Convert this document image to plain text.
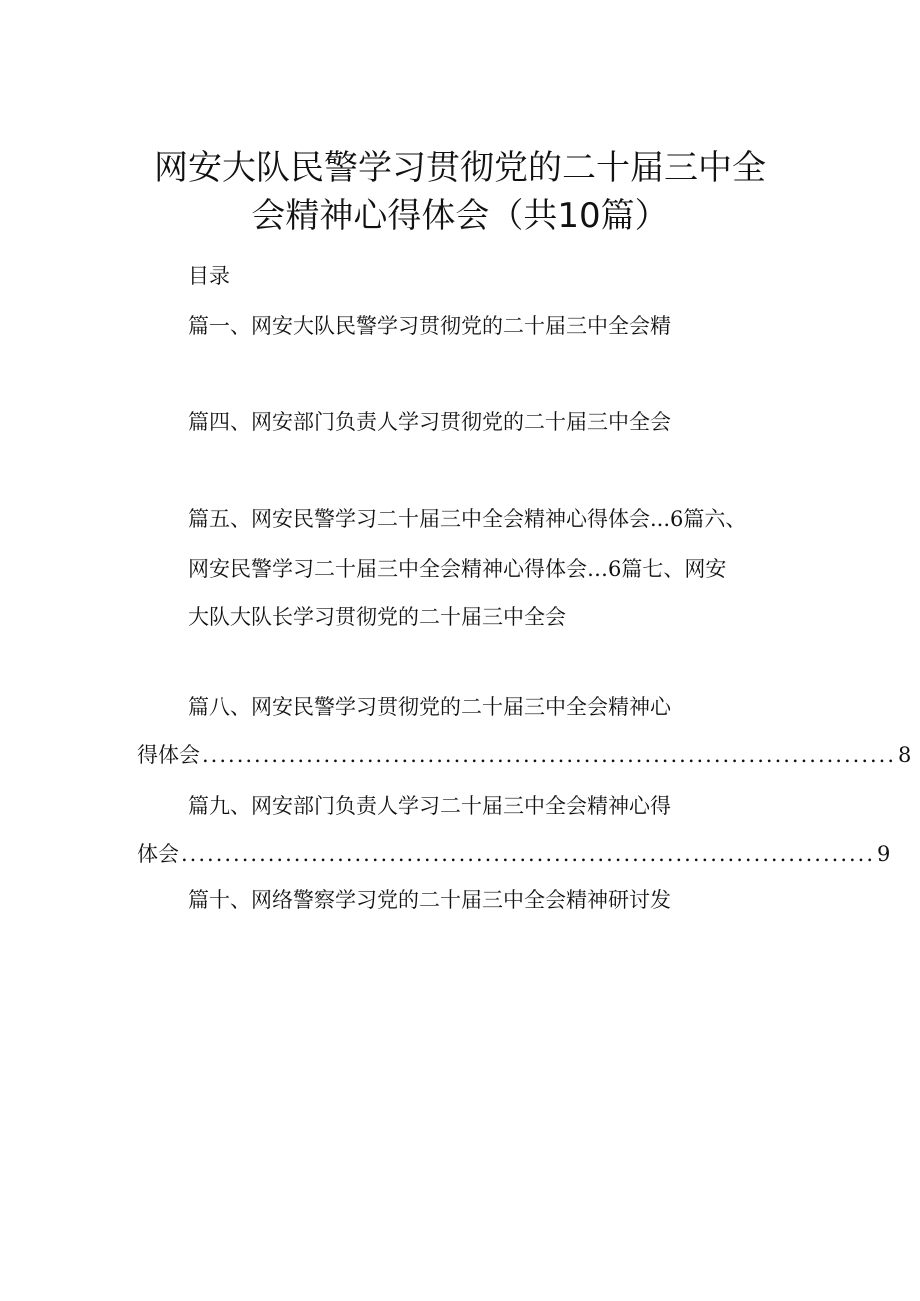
网安大队民警学习贯彻党的二十届三中全
会精神心得体会（共10篇）
目录
篇一、网安大队民警学习贯彻党的二十届三中全会精
篇四、网安部门负责人学习贯彻党的二十届三中全会
篇五、网安民警学习二十届三中全会精神心得体会...6篇六、
网安民警学习二十届三中全会精神心得体会…6篇七、网安
大队大队长学习贯彻党的二十届三中全会
篇八、网安民警学习贯彻党的二十届三中全会精神心
得体会 ................................................................................ 8
篇九、网安部门负责人学习二十届三中全会精神心得
体会 ................................................................................ 9
篇十、网络警察学习党的二十届三中全会精神研讨发
